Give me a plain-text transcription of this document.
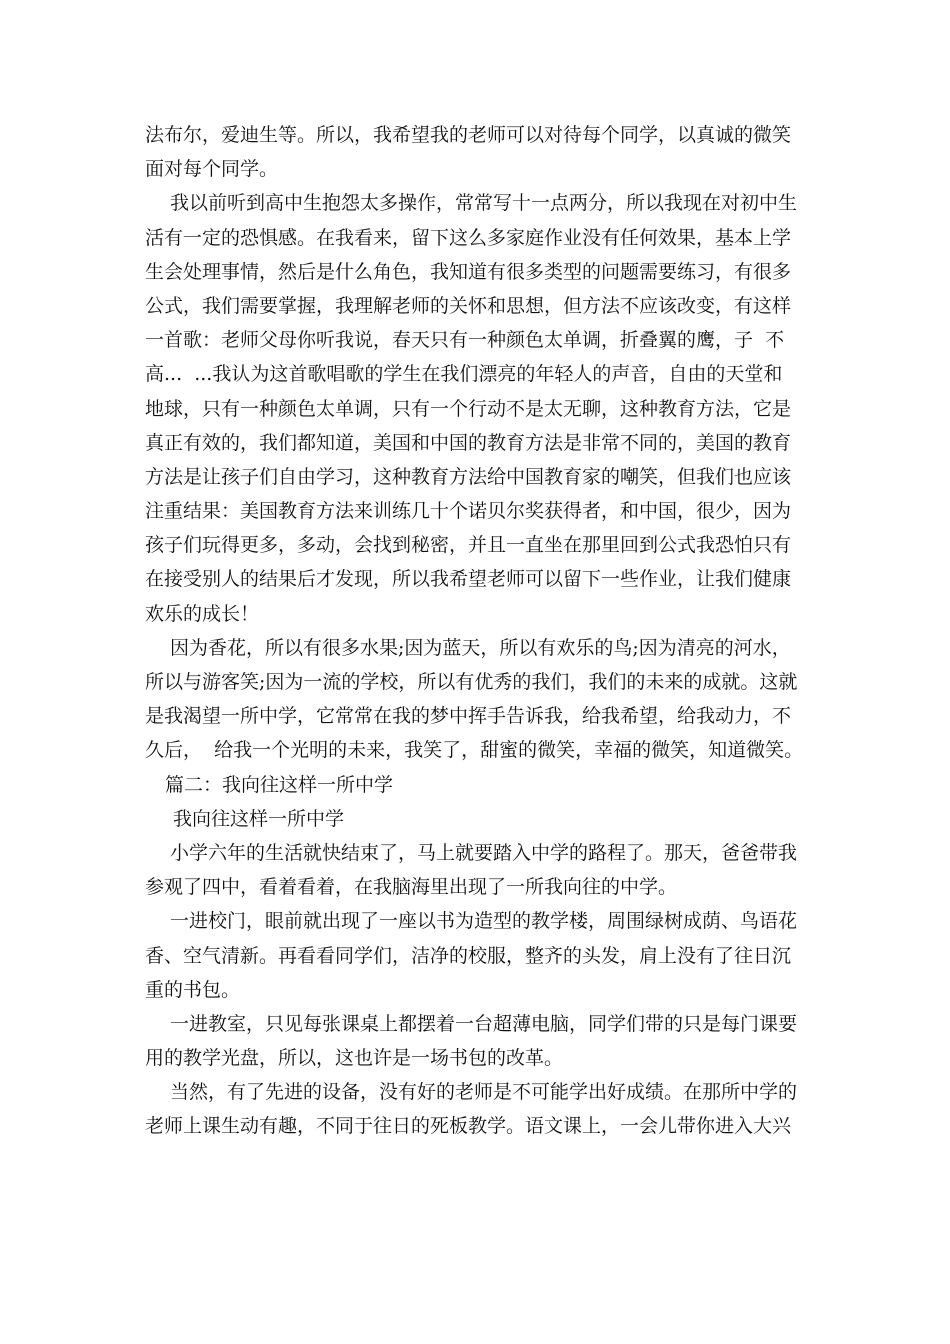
法布尔，爱迪生等。所以，我希望我的老师可以对待每个同学，以真诚的微笑
面对每个同学。
我以前听到高中生抱怨太多操作，常常写十一点两分，所以我现在对初中生
活有一定的恐惧感。在我看来，留下这么多家庭作业没有任何效果，基本上学
生会处理事情，然后是什么角色，我知道有很多类型的问题需要练习，有很多
公式，我们需要掌握，我理解老师的关怀和思想，但方法不应该改变，有这样
一首歌：老师父母你听我说，春天只有一种颜色太单调，折叠翼的鹰，子  不
高...  ...我认为这首歌唱歌的学生在我们漂亮的年轻人的声音，自由的天堂和
地球，只有一种颜色太单调，只有一个行动不是太无聊，这种教育方法，它是
真正有效的，我们都知道，美国和中国的教育方法是非常不同的，美国的教育
方法是让孩子们自由学习，这种教育方法给中国教育家的嘲笑，但我们也应该
注重结果：美国教育方法来训练几十个诺贝尔奖获得者，和中国，很少，因为
孩子们玩得更多，多动，会找到秘密，并且一直坐在那里回到公式我恐怕只有
在接受别人的结果后才发现，所以我希望老师可以留下一些作业，让我们健康
欢乐的成长！
因为香花，所以有很多水果;因为蓝天，所以有欢乐的鸟;因为清亮的河水，
所以与游客笑;因为一流的学校，所以有优秀的我们，我们的未来的成就。这就
是我渴望一所中学，它常常在我的梦中挥手告诉我，给我希望，给我动力，不
久后，  给我一个光明的未来，我笑了，甜蜜的微笑，幸福的微笑，知道微笑。
篇二：我向往这样一所中学
我向往这样一所中学
小学六年的生活就快结束了，马上就要踏入中学的路程了。那天，爸爸带我
参观了四中，看着看着，在我脑海里出现了一所我向往的中学。
一进校门，眼前就出现了一座以书为造型的教学楼，周围绿树成荫、鸟语花
香、空气清新。再看看同学们，洁净的校服，整齐的头发，肩上没有了往日沉
重的书包。
一进教室，只见每张课桌上都摆着一台超薄电脑，同学们带的只是每门课要
用的教学光盘，所以，这也许是一场书包的改革。
当然，有了先进的设备，没有好的老师是不可能学出好成绩。在那所中学的
老师上课生动有趣，不同于往日的死板教学。语文课上，一会儿带你进入大兴
